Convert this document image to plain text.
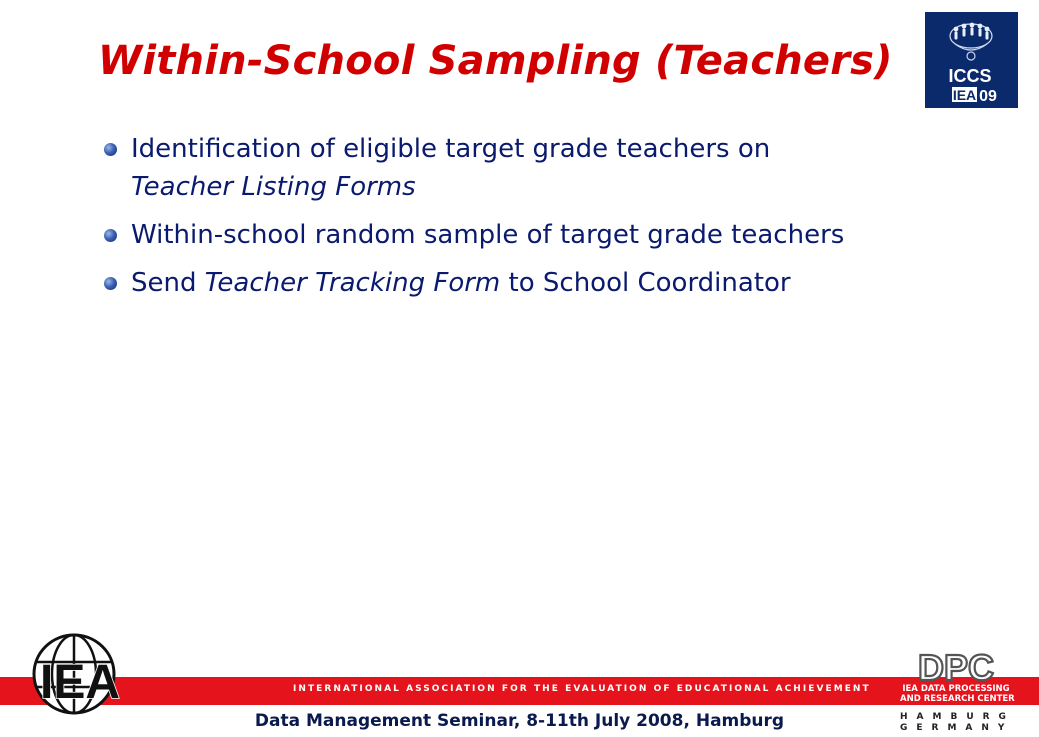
Within-School Sampling (Teachers)	ICCS
IEA 09

Identification of eligible target grade teachers on
Teacher Listing Forms

Within-school random sample of target grade teachers

Send Teacher Tracking Form to School Coordinator

INTERNATIONAL ASSOCIATION FOR THE EVALUATION OF EDUCATIONAL ACHIEVEMENT
IEA	DPC
IEA DATA PROCESSING
AND RESEARCH CENTER
HAMBURG
GERMANY
Data Management Seminar, 8-11th July 2008, Hamburg
